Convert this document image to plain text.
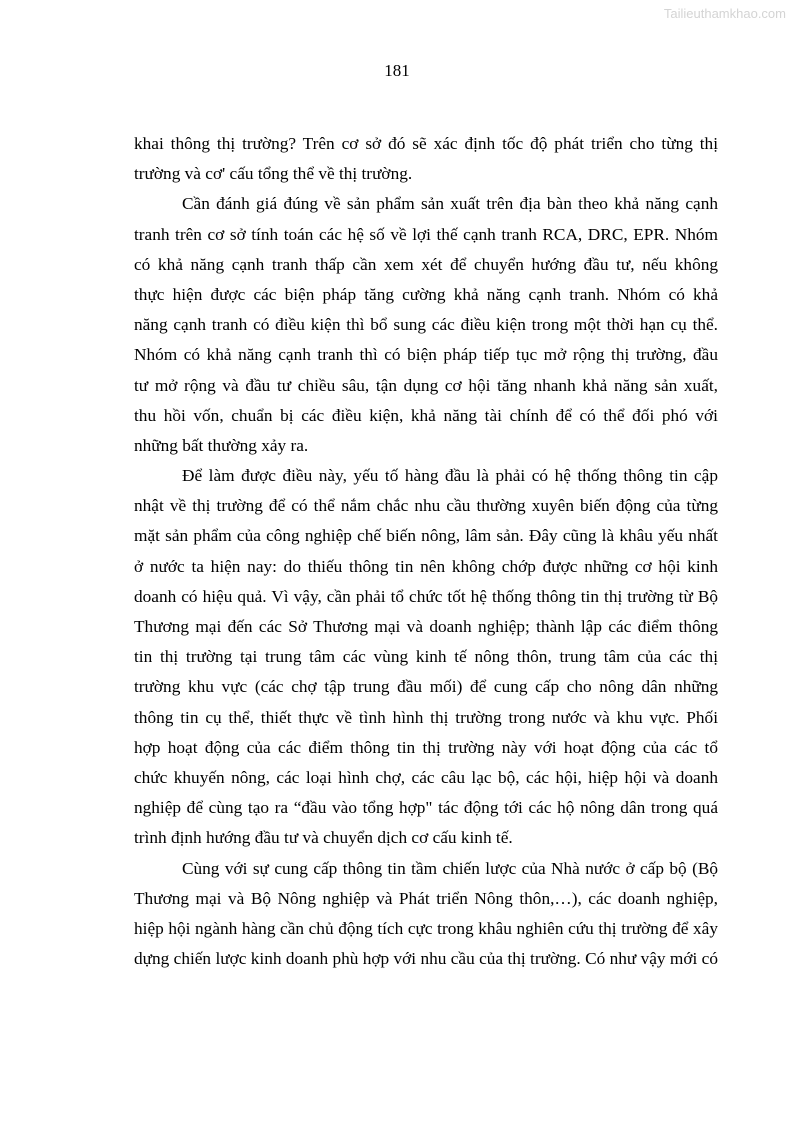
Tailieuthamkhao.com
181
khai thông thị trường? Trên cơ sở đó sẽ xác định tốc độ phát triển cho từng thị
trường và cơ' cấu tổng thể về thị trường.
Cần đánh giá đúng về sản phẩm sản xuất trên địa bàn theo khả năng cạnh
tranh trên cơ sở tính toán các hệ số về lợi thế cạnh tranh RCA, DRC, EPR. Nhóm
có khả năng cạnh tranh thấp cần xem xét để chuyển hướng đầu tư, nếu không
thực hiện được các biện pháp tăng cường khả năng cạnh tranh. Nhóm có khả
năng cạnh tranh có điều kiện thì bổ sung các điều kiện trong một thời hạn cụ thể.
Nhóm có khả năng cạnh tranh thì có biện pháp tiếp tục mở rộng thị trường, đầu
tư mở rộng và đầu tư chiều sâu, tận dụng cơ hội tăng nhanh khả năng sản xuất,
thu hồi vốn, chuẩn bị các điều kiện, khả năng tài chính để có thể đối phó với
những bất thường xảy ra.
Để làm được điều này, yếu tố hàng đầu là phải có hệ thống thông tin cập
nhật về thị trường để có thể nắm chắc nhu cầu thường xuyên biến động của từng
mặt sản phẩm của công nghiệp chế biến nông, lâm sản. Đây cũng là khâu yếu nhất
ở nước ta hiện nay: do thiếu thông tin nên không chớp được những cơ hội kinh
doanh có hiệu quả. Vì vậy, cần phải tổ chức tốt hệ thống thông tin thị trường từ Bộ
Thương mại đến các Sở Thương mại và doanh nghiệp; thành lập các điểm thông
tin thị trường tại trung tâm các vùng kinh tế nông thôn, trung tâm của các thị
trường khu vực (các chợ tập trung đầu mối) để cung cấp cho nông dân những
thông tin cụ thể, thiết thực về tình hình thị trường trong nước và khu vực. Phối
hợp hoạt động của các điểm thông tin thị trường này với hoạt động của các tổ
chức khuyến nông, các loại hình chợ, các câu lạc bộ, các hội, hiệp hội và doanh
nghiệp để cùng tạo ra “đầu vào tổng hợp" tác động tới các hộ nông dân trong quá
trình định hướng đầu tư và chuyển dịch cơ cấu kinh tế.
Cùng với sự cung cấp thông tin tầm chiến lược của Nhà nước ở cấp bộ (Bộ
Thương mại và Bộ Nông nghiệp và Phát triển Nông thôn,…), các doanh nghiệp,
hiệp hội ngành hàng cần chủ động tích cực trong khâu nghiên cứu thị trường để xây
dựng chiến lược kinh doanh phù hợp với nhu cầu của thị trường. Có như vậy mới có
